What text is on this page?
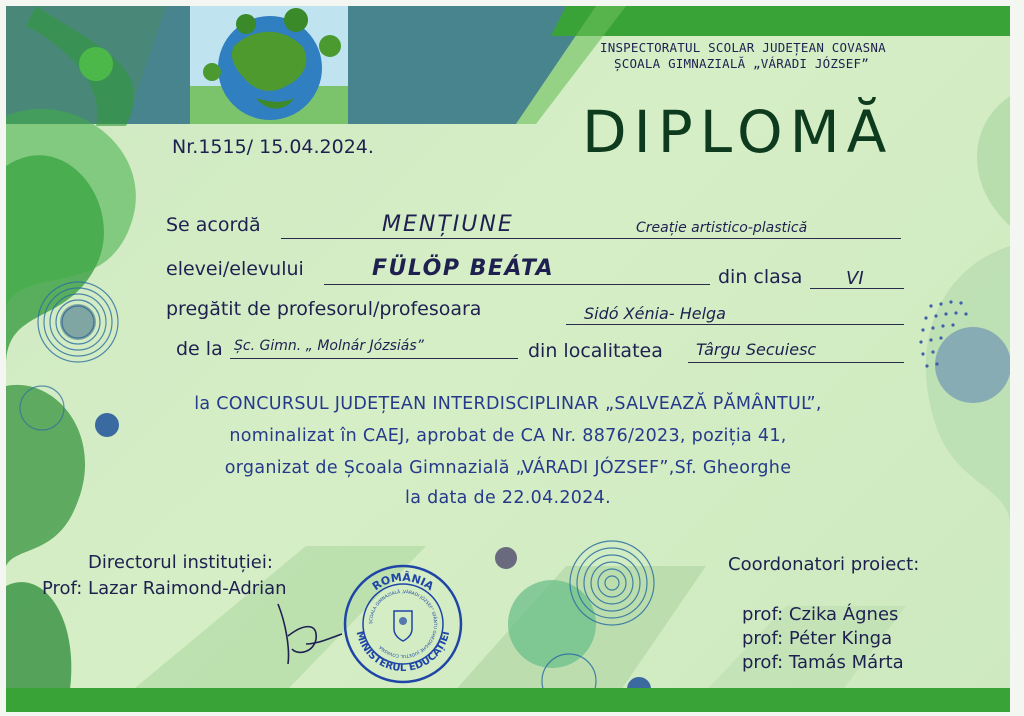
INSPECTORATUL SCOLAR JUDEȚEAN COVASNA
ȘCOALA GIMNAZIALĂ „VÁRADI JÓZSEF”
DIPLOMĂ
Nr.1515/ 15.04.2024.
Se acordă	MENȚIUNE	Creație artistico-plastică
elevei/elevului	FÜLÖP BEÁTA	din clasa VI
pregătit de profesorul/profesoara	Sidó Xénia- Helga
de la Șc. Gimn. „ Molnár Józsiás”	din localitatea Târgu Secuiesc
la CONCURSUL JUDEȚEAN INTERDISCIPLINAR „SALVEAZĂ PĂMÂNTUL”,
nominalizat în CAEJ, aprobat de CA Nr. 8876/2023, poziția 41,
organizat de Școala Gimnazială „VÁRADI JÓZSEF”,Sf. Gheorghe
la data de 22.04.2024.
Directorul instituției:
Prof: Lazar Raimond-Adrian	ROMÂNIA
MINISTERUL EDUCAȚIEI
ȘCOALA GIMNAZIALĂ „VÁRADI JÓZSEF” SFÂNTU GHEORGHE JUDEȚUL COVASNA
Coordonatori proiect:
prof: Czika Ágnes
prof: Péter Kinga
prof: Tamás Márta
